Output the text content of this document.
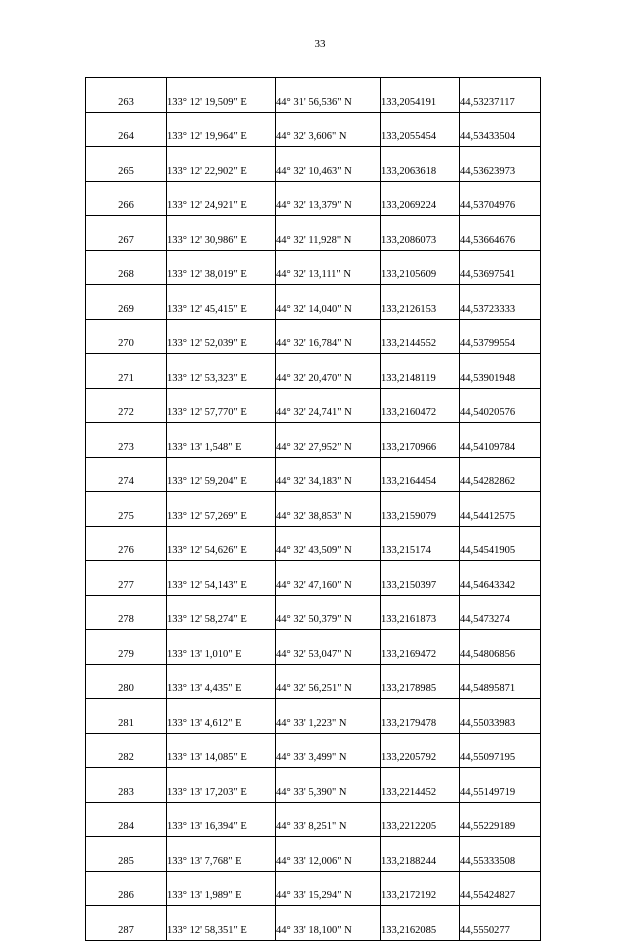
33
263	133° 12' 19,509" E	44° 31' 56,536" N	133,2054191	44,53237117
264	133° 12' 19,964" E	44° 32' 3,606" N	133,2055454	44,53433504
265	133° 12' 22,902" E	44° 32' 10,463" N	133,2063618	44,53623973
266	133° 12' 24,921" E	44° 32' 13,379" N	133,2069224	44,53704976
267	133° 12' 30,986" E	44° 32' 11,928" N	133,2086073	44,53664676
268	133° 12' 38,019" E	44° 32' 13,111" N	133,2105609	44,53697541
269	133° 12' 45,415" E	44° 32' 14,040" N	133,2126153	44,53723333
270	133° 12' 52,039" E	44° 32' 16,784" N	133,2144552	44,53799554
271	133° 12' 53,323" E	44° 32' 20,470" N	133,2148119	44,53901948
272	133° 12' 57,770" E	44° 32' 24,741" N	133,2160472	44,54020576
273	133° 13' 1,548" E	44° 32' 27,952" N	133,2170966	44,54109784
274	133° 12' 59,204" E	44° 32' 34,183" N	133,2164454	44,54282862
275	133° 12' 57,269" E	44° 32' 38,853" N	133,2159079	44,54412575
276	133° 12' 54,626" E	44° 32' 43,509" N	133,215174	44,54541905
277	133° 12' 54,143" E	44° 32' 47,160" N	133,2150397	44,54643342
278	133° 12' 58,274" E	44° 32' 50,379" N	133,2161873	44,5473274
279	133° 13' 1,010" E	44° 32' 53,047" N	133,2169472	44,54806856
280	133° 13' 4,435" E	44° 32' 56,251" N	133,2178985	44,54895871
281	133° 13' 4,612" E	44° 33' 1,223" N	133,2179478	44,55033983
282	133° 13' 14,085" E	44° 33' 3,499" N	133,2205792	44,55097195
283	133° 13' 17,203" E	44° 33' 5,390" N	133,2214452	44,55149719
284	133° 13' 16,394" E	44° 33' 8,251" N	133,2212205	44,55229189
285	133° 13' 7,768" E	44° 33' 12,006" N	133,2188244	44,55333508
286	133° 13' 1,989" E	44° 33' 15,294" N	133,2172192	44,55424827
287	133° 12' 58,351" E	44° 33' 18,100" N	133,2162085	44,5550277
